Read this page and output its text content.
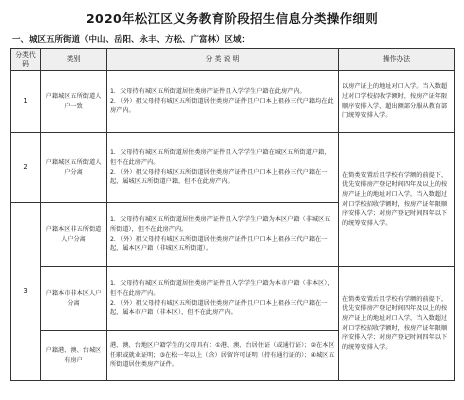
2020年松江区义务教育阶段招生信息分类操作细则
一、城区五所街道（中山、岳阳、永丰、方松、广富林）区域：
分类代码	类别	分 类 说 明	操作办法
1	户籍城区五所街道人户一致	1．父母持有城区五所街道居住类房产证件且入学学生户籍在此房产内。
2．（外）祖父母持有城区五所街道居住类房产证件且户口本上祖孙三代户籍均在此房产内。	以房产证上的地址对口入学。当入数超过对口学校招收学额时，按房产证年限顺序安排入学，超出额部分服从教育部门统筹安排入学。
2	户籍城区五所街道人户分离	1．父母持有城区五所街道居住类房产证件且入学学生户籍在城区五所街道户籍，但不在此房产内。
2．（外）祖父母持有城区五所街道居住类房产证件且户口本上祖孙三代户籍在一起，属城区五所街道户籍，但不在此房产内。	在简类安置后且学校有学额的前提下，优先安排房产登记时间四年及以上的按房产证上的地址对口入学，当入数超过对口学校招收学额时，按房产证年限顺序安排入学；对房产登记时间四年以下的统筹安排入学。
3	户籍本区非五所街道人户分离	1．父母持有城区五所街道居住类房产证件且入学学生户籍为本区户籍（非城区五所街道），但不在此房产内。
2．（外）祖父母持有城区五所街道居住类房产证件且户口本上祖孙三代户籍在一起，属本区户籍（非城区五所街道）。	

	户籍本市非本区人户分离	1．父母持有城区五所街道居住类房产证件且入学学生户籍为本市户籍（非本区），但不在此房产内。
2．（外）祖父母持有城区五所街道居住类房产证件且户口本上祖孙三代户籍在一起，属本市户籍（非本区），但不在此房产内。	在简类安置后且学校有学额的前提下，优先安排房产登记时间四年及以上的按房产证上的地址对口入学，当入数超过对口学校招收学额时，按房产证年限顺序安排入学；对房产登记时间四年以下的统筹安排入学。
	户籍港、澳、台城区有房户	港、澳、台地区户籍学生的父母具有：①港、澳、台居住证（或通行证）；②在本区任职或就业证明；③在松一年以上（含）居留许可证明（持有通行证的）；④城区五所街道居住类房产证件。	
